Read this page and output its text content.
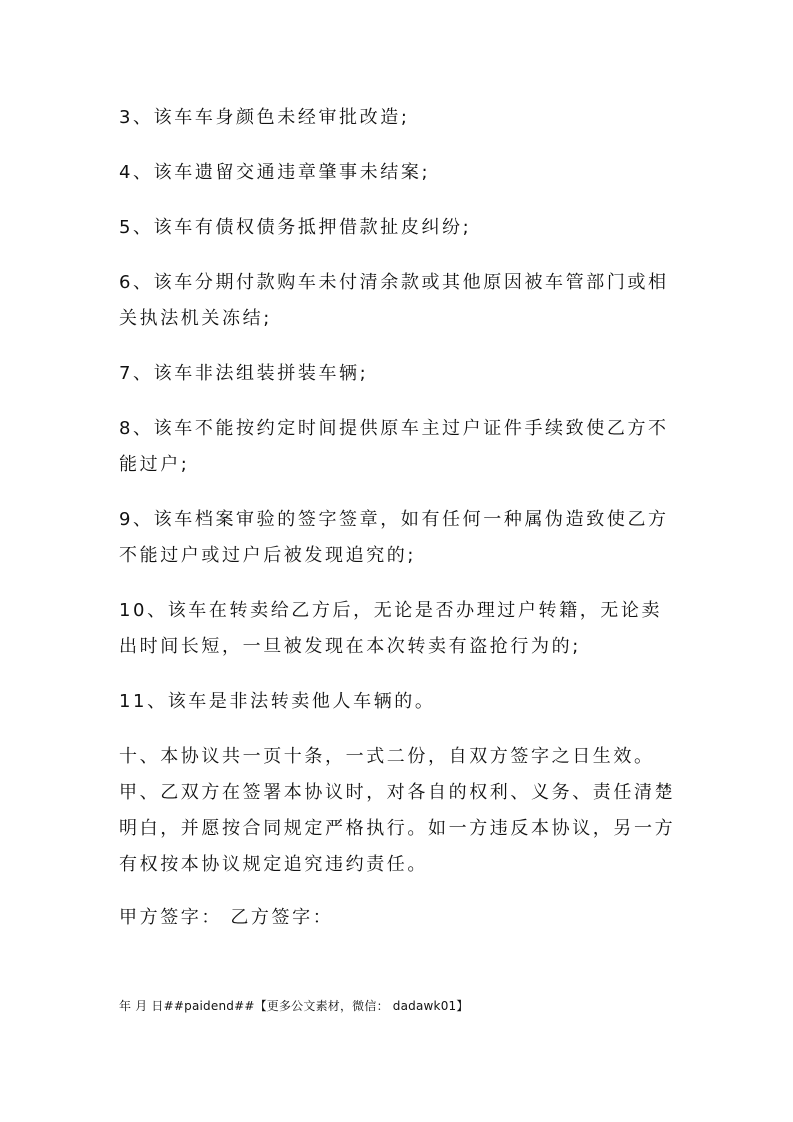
3、该车车身颜色未经审批改造;

4、该车遗留交通违章肇事未结案;

5、该车有债权债务抵押借款扯皮纠纷;

6、该车分期付款购车未付清余款或其他原因被车管部门或相关执法机关冻结;

7、该车非法组装拼装车辆;

8、该车不能按约定时间提供原车主过户证件手续致使乙方不能过户;

9、该车档案审验的签字签章，如有任何一种属伪造致使乙方不能过户或过户后被发现追究的;

10、该车在转卖给乙方后，无论是否办理过户转籍，无论卖出时间长短，一旦被发现在本次转卖有盗抢行为的;

11、该车是非法转卖他人车辆的。

十、本协议共一页十条，一式二份，自双方签字之日生效。甲、乙双方在签署本协议时，对各自的权利、义务、责任清楚明白，并愿按合同规定严格执行。如一方违反本协议，另一方有权按本协议规定追究违约责任。

甲方签字： 乙方签字：

年 月 日##paidend##【更多公文素材，微信： dadawk01】
